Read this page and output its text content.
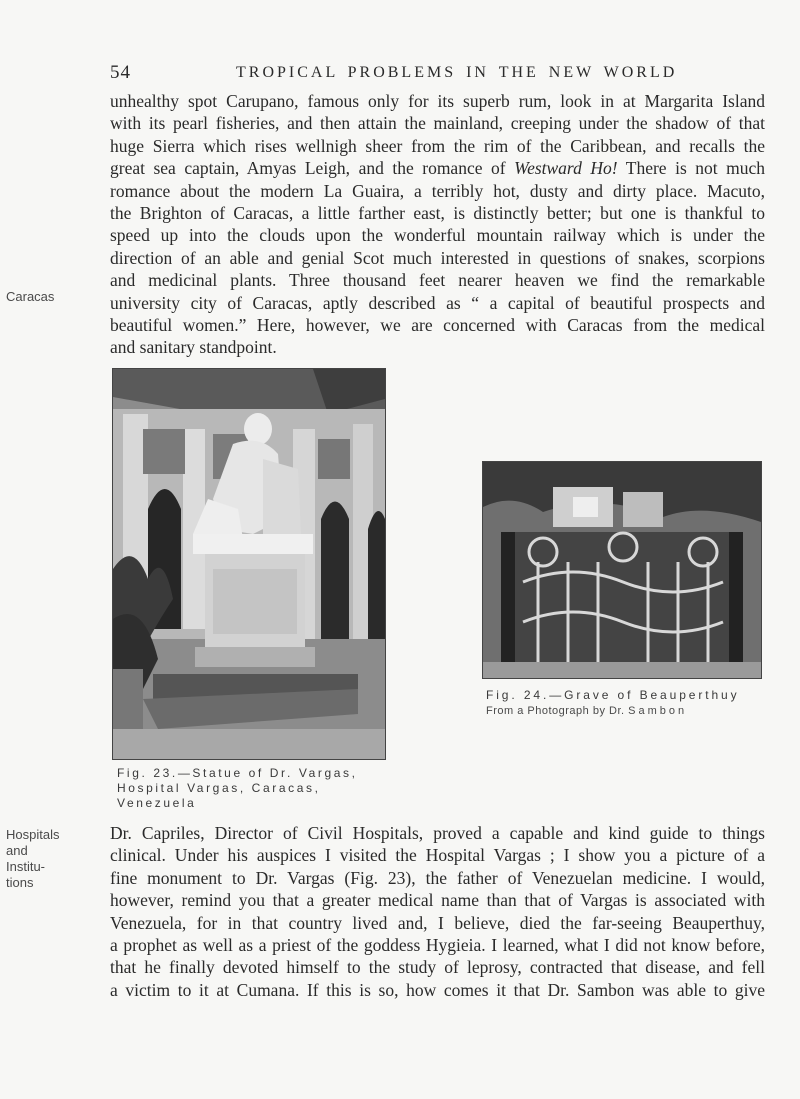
54	TROPICAL PROBLEMS IN THE NEW WORLD
unhealthy spot Carupano, famous only for its superb rum, look in at Margarita Island
with its pearl fisheries, and then attain the mainland, creeping under the shadow of that
huge Sierra which rises wellnigh sheer from the rim of the Caribbean, and recalls the
great sea captain, Amyas Leigh, and the romance of Westward Ho! There is not much
romance about the modern La Guaira, a terribly hot, dusty and dirty place. Macuto,
the Brighton of Caracas, a little farther east, is distinctly better; but one is thankful to
speed up into the clouds upon the wonderful mountain railway which is under the
direction of an able and genial Scot much interested in questions of snakes, scorpions
and medicinal plants. Three thousand feet nearer heaven we find the remarkable
university city of Caracas, aptly described as “ a capital of beautiful prospects and
beautiful women.” Here, however, we are concerned with Caracas from the medical
and sanitary standpoint.
Caracas
Fig. 23.—Statue of Dr. Vargas,
Hospital Vargas, Caracas,
Venezuela
Fig. 24.—Grave of Beauperthuy
From a Photograph by Dr. Sambon
Hospitals
and
Institu-
tions
Dr. Capriles, Director of Civil Hospitals, proved a capable and kind guide to things
clinical. Under his auspices I visited the Hospital Vargas ; I show you a picture of a
fine monument to Dr. Vargas (Fig. 23), the father of Venezuelan medicine. I would,
however, remind you that a greater medical name than that of Vargas is associated with
Venezuela, for in that country lived and, I believe, died the far-seeing Beauperthuy,
a prophet as well as a priest of the goddess Hygieia. I learned, what I did not know before,
that he finally devoted himself to the study of leprosy, contracted that disease, and fell
a victim to it at Cumana. If this is so, how comes it that Dr. Sambon was able to give
